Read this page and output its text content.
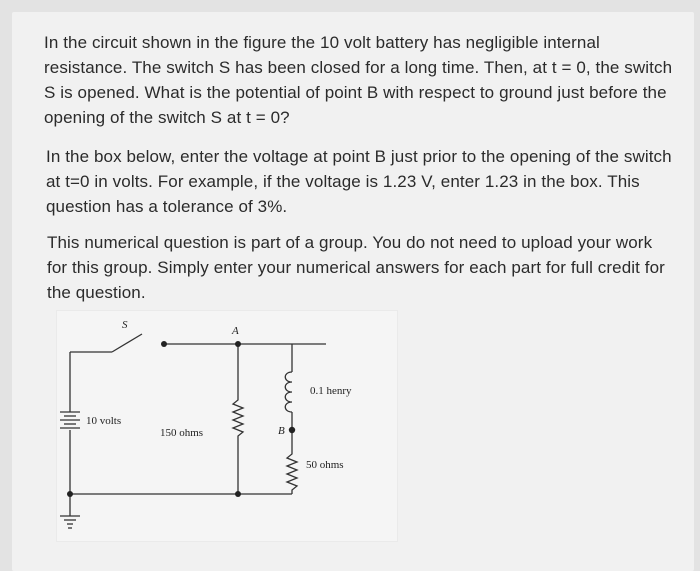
In the circuit shown in the figure the 10 volt battery has negligible internal resistance. The switch S has been closed for a long time. Then, at t = 0, the switch S is opened. What is the potential of point B with respect to ground just before the opening of the switch S at t = 0?

In the box below, enter the voltage at point B just prior to the opening of the switch at t=0 in volts. For example, if the voltage is 1.23 V, enter 1.23 in the box. This question has a tolerance of 3%.

This numerical question is part of a group. You do not need to upload your work for this group. Simply enter your numerical answers for each part for full credit for the question.

S	A
B
10 volts
150 ohms
0.1 henry
50 ohms
